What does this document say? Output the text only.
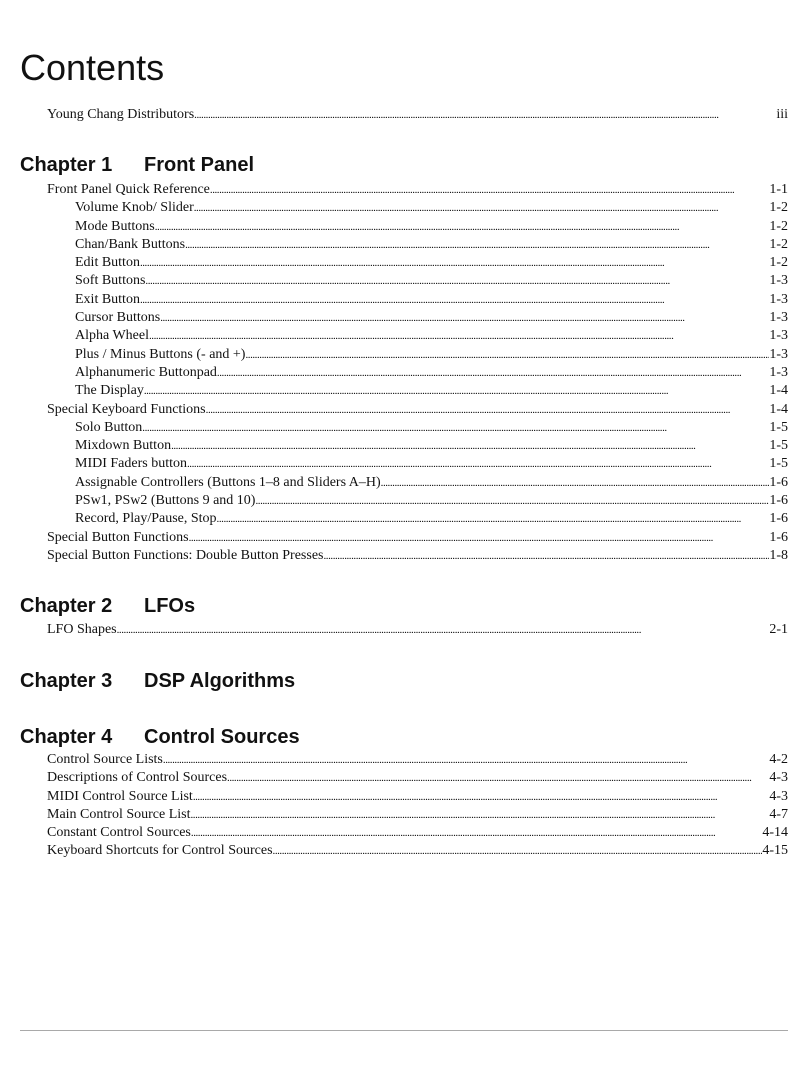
Contents
Young Chang Distributors . . .	iii
Chapter 1 Front Panel
Front Panel Quick Reference . . .	1-1
Volume Knob/ Slider . . .	1-2
Mode Buttons . . .	1-2
Chan/Bank Buttons . . .	1-2
Edit Button . . .	1-2
Soft Buttons . . .	1-3
Exit Button . . .	1-3
Cursor Buttons . . .	1-3
Alpha Wheel . . .	1-3
Plus / Minus Buttons (- and +) . . .	1-3
Alphanumeric Buttonpad . . .	1-3
The Display . . .	1-4
Special Keyboard Functions . . .	1-4
Solo Button . . .	1-5
Mixdown Button . . .	1-5
MIDI Faders button . . .	1-5
Assignable Controllers (Buttons 1–8 and Sliders A–H) . . .	1-6
PSw1, PSw2 (Buttons 9 and 10) . . .	1-6
Record, Play/Pause, Stop . . .	1-6
Special Button Functions . . .	1-6
Special Button Functions: Double Button Presses . . .	1-8
Chapter 2 LFOs
LFO Shapes . . .	2-1
Chapter 3 DSP Algorithms
Chapter 4 Control Sources
Control Source Lists . . .	4-2
Descriptions of Control Sources . . .	4-3
MIDI Control Source List . . .	4-3
Main Control Source List . . .	4-7
Constant Control Sources . . .	4-14
Keyboard Shortcuts for Control Sources . . .	4-15
